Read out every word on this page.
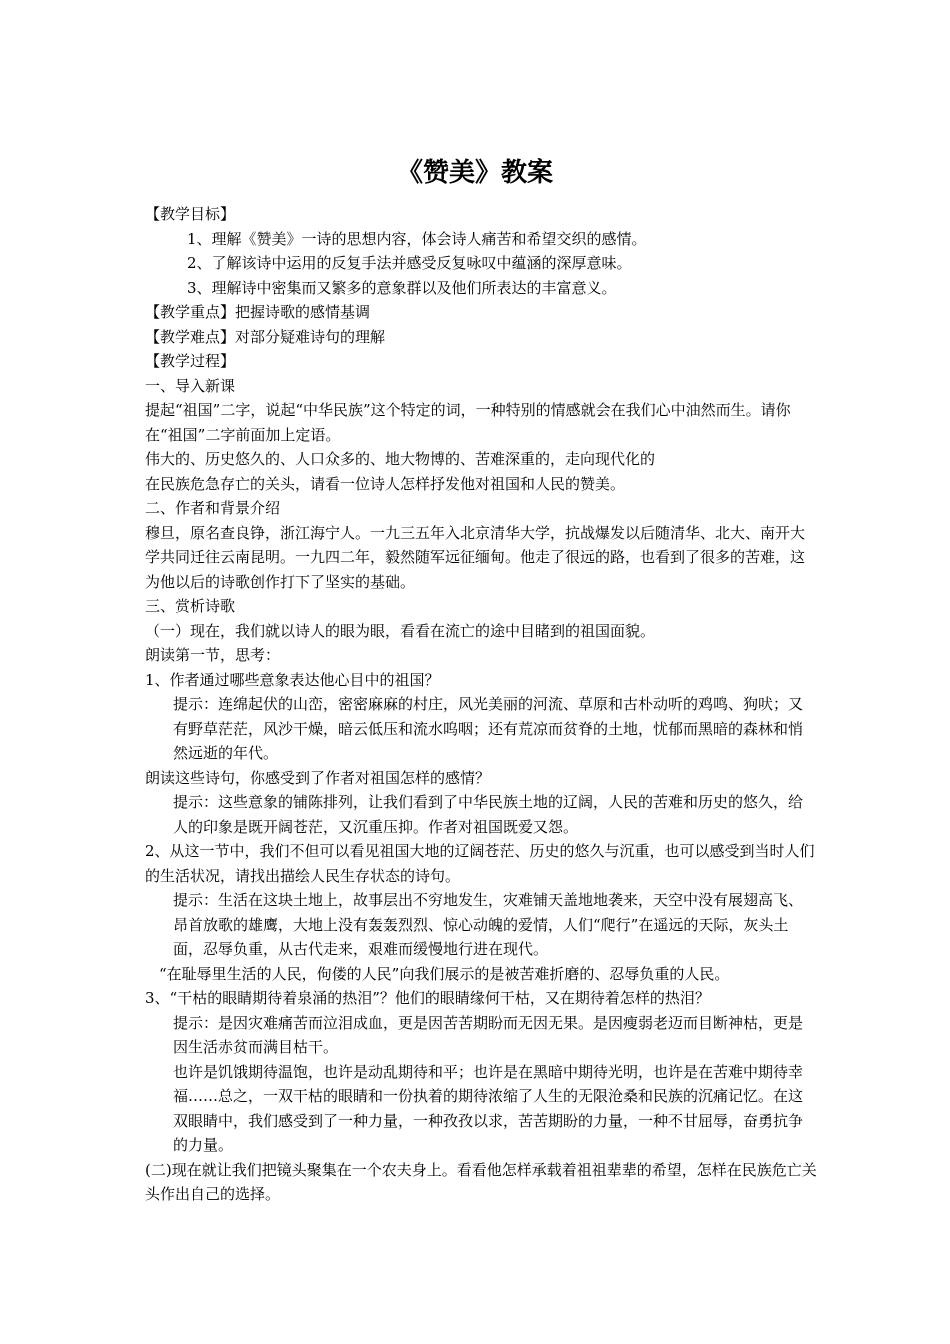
《赞美》教案

【教学目标】

1、理解《赞美》一诗的思想内容，体会诗人痛苦和希望交织的感情。

2、了解该诗中运用的反复手法并感受反复咏叹中蕴涵的深厚意味。

3、理解诗中密集而又繁多的意象群以及他们所表达的丰富意义。

【教学重点】把握诗歌的感情基调

【教学难点】对部分疑难诗句的理解

【教学过程】

一、导入新课

提起“祖国”二字，说起“中华民族”这个特定的词，一种特别的情感就会在我们心中油然而生。请你在“祖国”二字前面加上定语。

伟大的、历史悠久的、人口众多的、地大物博的、苦难深重的，走向现代化的

在民族危急存亡的关头，请看一位诗人怎样抒发他对祖国和人民的赞美。

二、作者和背景介绍

穆旦，原名查良铮，浙江海宁人。一九三五年入北京清华大学，抗战爆发以后随清华、北大、南开大学共同迁往云南昆明。一九四二年，毅然随军远征缅甸。他走了很远的路，也看到了很多的苦难，这为他以后的诗歌创作打下了坚实的基础。

三、赏析诗歌

（一）现在，我们就以诗人的眼为眼，看看在流亡的途中目睹到的祖国面貌。

朗读第一节，思考：

1、作者通过哪些意象表达他心目中的祖国？

提示：连绵起伏的山峦，密密麻麻的村庄，风光美丽的河流、草原和古朴动听的鸡鸣、狗吠；又有野草茫茫，风沙干燥，暗云低压和流水呜咽；还有荒凉而贫脊的土地，忧郁而黑暗的森林和悄然远逝的年代。

朗读这些诗句，你感受到了作者对祖国怎样的感情？

提示：这些意象的铺陈排列，让我们看到了中华民族土地的辽阔，人民的苦难和历史的悠久，给人的印象是既开阔苍茫，又沉重压抑。作者对祖国既爱又怨。

2、从这一节中，我们不但可以看见祖国大地的辽阔苍茫、历史的悠久与沉重，也可以感受到当时人们的生活状况，请找出描绘人民生存状态的诗句。

提示：生活在这块土地上，故事层出不穷地发生，灾难铺天盖地地袭来，天空中没有展翅高飞、昂首放歌的雄鹰，大地上没有轰轰烈烈、惊心动魄的爱情，人们“爬行”在遥远的天际，灰头土面，忍辱负重，从古代走来，艰难而缓慢地行进在现代。

“在耻辱里生活的人民，佝偻的人民”向我们展示的是被苦难折磨的、忍辱负重的人民。

3、“干枯的眼睛期待着泉涌的热泪”？他们的眼睛缘何干枯，又在期待着怎样的热泪？

提示：是因灾难痛苦而泣泪成血，更是因苦苦期盼而无因无果。是因瘦弱老迈而目断神枯，更是因生活赤贫而满目枯干。

也许是饥饿期待温饱，也许是动乱期待和平；也许是在黑暗中期待光明，也许是在苦难中期待幸福……总之，一双干枯的眼睛和一份执着的期待浓缩了人生的无限沧桑和民族的沉痛记忆。在这双眼睛中，我们感受到了一种力量，一种孜孜以求，苦苦期盼的力量，一种不甘屈辱，奋勇抗争的力量。

(二)现在就让我们把镜头聚集在一个农夫身上。看看他怎样承载着祖祖辈辈的希望，怎样在民族危亡关头作出自己的选择。
